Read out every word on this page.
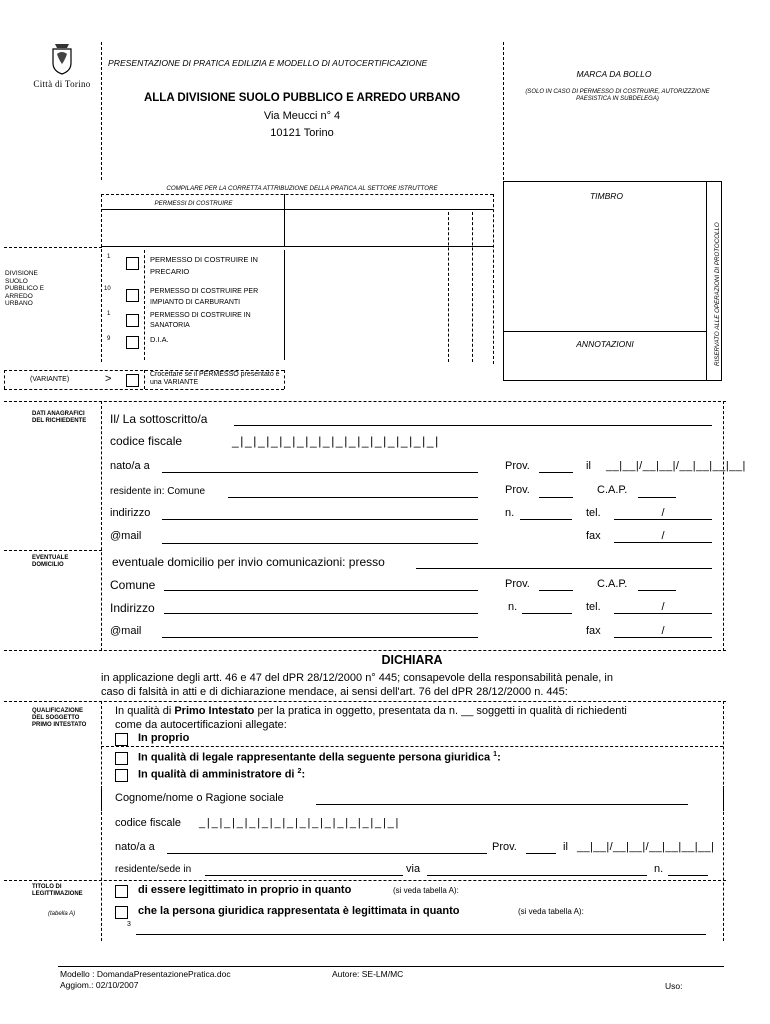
Città di Torino
PRESENTAZIONE DI PRATICA EDILIZIA E MODELLO DI AUTOCERTIFICAZIONE
ALLA DIVISIONE SUOLO PUBBLICO E ARREDO URBANO
Via Meucci n° 4
10121 Torino
MARCA DA BOLLO
(SOLO IN CASO DI PERMESSO DI COSTRUIRE, AUTORIZZZIONE PAESISTICA IN SUBDELEGA)
COMPILARE PER LA CORRETTA ATTRIBUZIONE DELLA PRATICA AL SETTORE ISTRUTTORE
PERMESSI DI COSTRUIRE
DIVISIONE SUOLO PUBBLICO E ARREDO URBANO
1	PERMESSO DI COSTRUIRE IN PRECARIO
10	PERMESSO DI COSTRUIRE PER IMPIANTO DI CARBURANTI
1	PERMESSO DI COSTRUIRE IN SANATORIA
9	D.I.A.
(VARIANTE)	>	Crocettare se il PERMESSO presentato è una VARIANTE
TIMBRO
ANNOTAZIONI	RISERVATO ALLE OPERAZIONI DI PROTOCOLLO
DATI ANAGRAFICI DEL RICHIEDENTE Il/ La sottoscritto/a
codice fiscale	_|_|_|_|_|_|_|_|_|_|_|_|_|_|_|_|
nato/a a	Prov.	il __|__|/__|__|/__|__|__|__|
residente in: Comune	Prov.	C.A.P.
indirizzo	n.	tel.	/
@mail	fax	/
EVENTUALE DOMICILIO	eventuale domicilio per invio comunicazioni: presso
Comune	Prov.	C.A.P.
Indirizzo	n.	tel.	/
@mail	fax	/
DICHIARA
in applicazione degli artt. 46 e 47 del dPR 28/12/2000 n° 445; consapevole della responsabilità penale, in
caso di falsità in atti e di dichiarazione mendace, ai sensi dell'art. 76 del dPR 28/12/2000 n. 445:
QUALIFICAZIONE DEL SOGGETTO PRIMO INTESTATO
In qualità di Primo Intestato per la pratica in oggetto, presentata da n. __ soggetti in qualità di richiedenti
come da autocertificazioni allegate:
In proprio
In qualità di legale rappresentante della seguente persona giuridica $^1$:
In qualità di amministratore di $^2$:
Cognome/nome o Ragione sociale
codice fiscale _|_|_|_|_|_|_|_|_|_|_|_|_|_|_|_|
nato/a a	Prov.	il __|__|/__|__|/__|__|__|__|
residente/sede in	via	n.
TITOLO DI LEGITTIMAZIONE
(tabella A)
di essere legittimato in proprio in quanto	(si veda tabella A):
che la persona giuridica rappresentata è legittimata in quanto	(si veda tabella A):
3
Modello : DomandaPresentazionePratica.doc
Aggiom.: 02/10/2007
Autore: SE-LM/MC
Uso:
